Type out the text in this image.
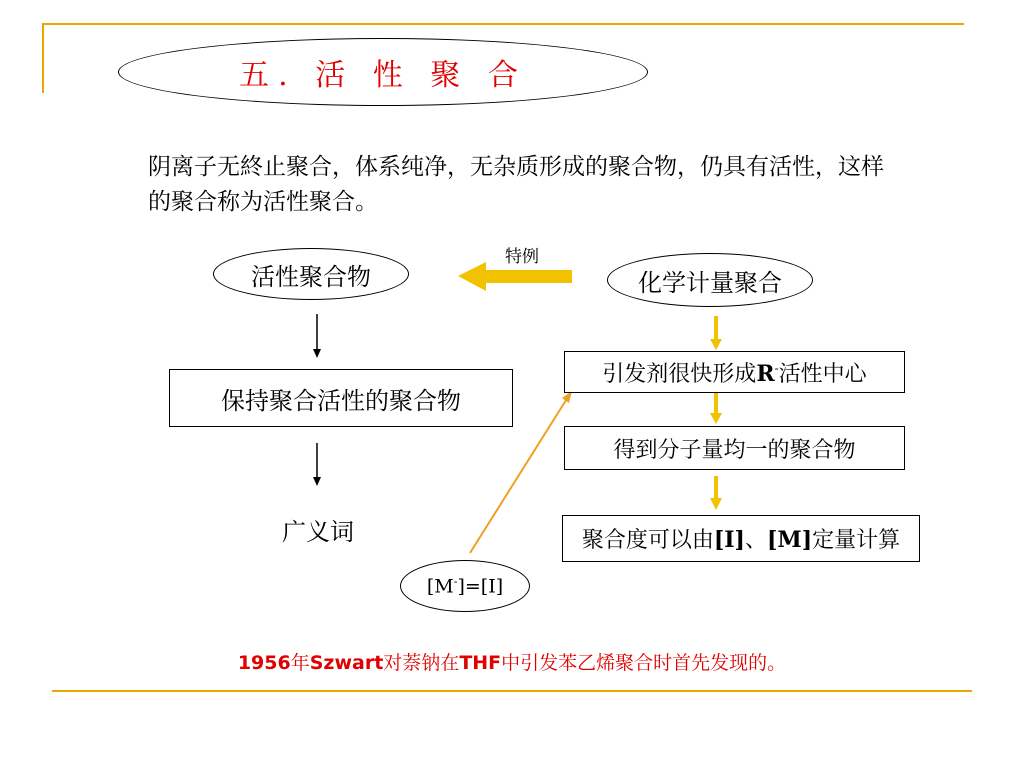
五. 活 性 聚 合
阴离子无終止聚合，体系纯净，无杂质形成的聚合物，仍具有活性，这样的聚合称为活性聚合。
特例
活性聚合物	化学计量聚合
保持聚合活性的聚合物
广义词
引发剂很快形成R-活性中心
得到分子量均一的聚合物
聚合度可以由[I]、[M]定量计算
[M-]=[I]
1956年Szwart对萘钠在THF中引发苯乙烯聚合时首先发现的。
